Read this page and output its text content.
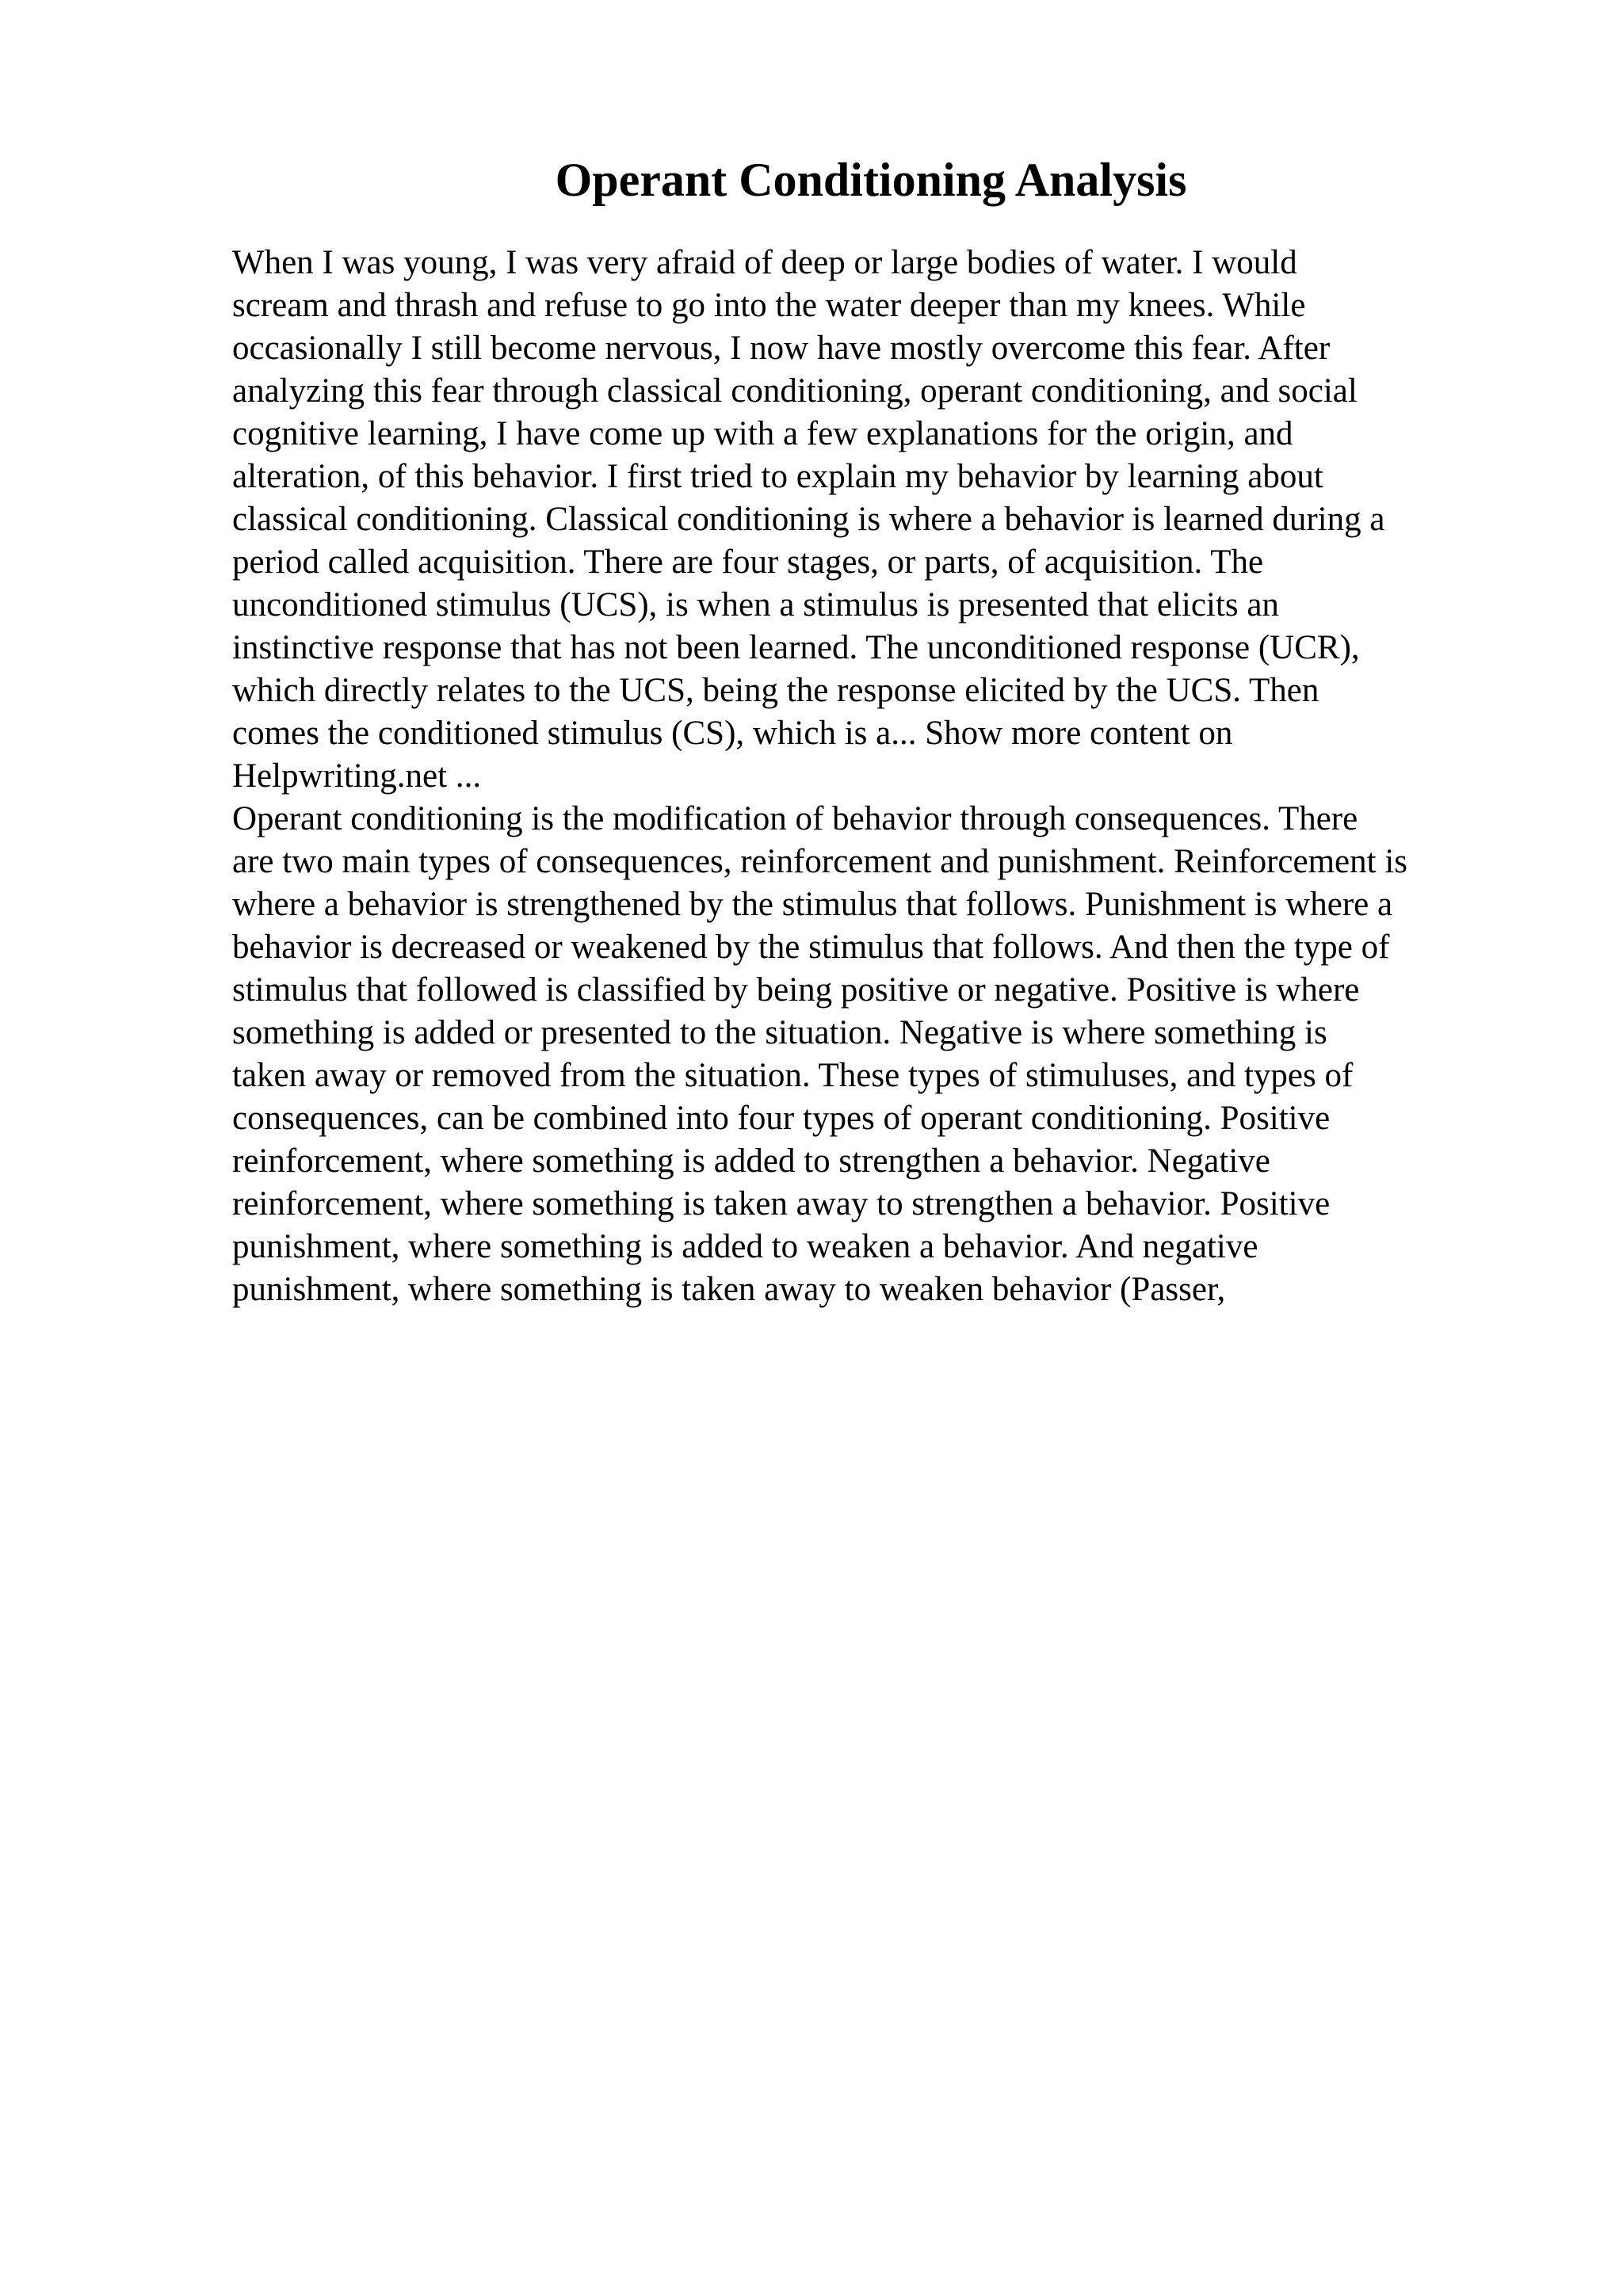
Operant Conditioning Analysis
When I was young, I was very afraid of deep or large bodies of water. I would
scream and thrash and refuse to go into the water deeper than my knees. While
occasionally I still become nervous, I now have mostly overcome this fear. After
analyzing this fear through classical conditioning, operant conditioning, and social
cognitive learning, I have come up with a few explanations for the origin, and
alteration, of this behavior. I first tried to explain my behavior by learning about
classical conditioning. Classical conditioning is where a behavior is learned during a
period called acquisition. There are four stages, or parts, of acquisition. The
unconditioned stimulus (UCS), is when a stimulus is presented that elicits an
instinctive response that has not been learned. The unconditioned response (UCR),
which directly relates to the UCS, being the response elicited by the UCS. Then
comes the conditioned stimulus (CS), which is a... Show more content on
Helpwriting.net ...
Operant conditioning is the modification of behavior through consequences. There
are two main types of consequences, reinforcement and punishment. Reinforcement is
where a behavior is strengthened by the stimulus that follows. Punishment is where a
behavior is decreased or weakened by the stimulus that follows. And then the type of
stimulus that followed is classified by being positive or negative. Positive is where
something is added or presented to the situation. Negative is where something is
taken away or removed from the situation. These types of stimuluses, and types of
consequences, can be combined into four types of operant conditioning. Positive
reinforcement, where something is added to strengthen a behavior. Negative
reinforcement, where something is taken away to strengthen a behavior. Positive
punishment, where something is added to weaken a behavior. And negative
punishment, where something is taken away to weaken behavior (Passer,
